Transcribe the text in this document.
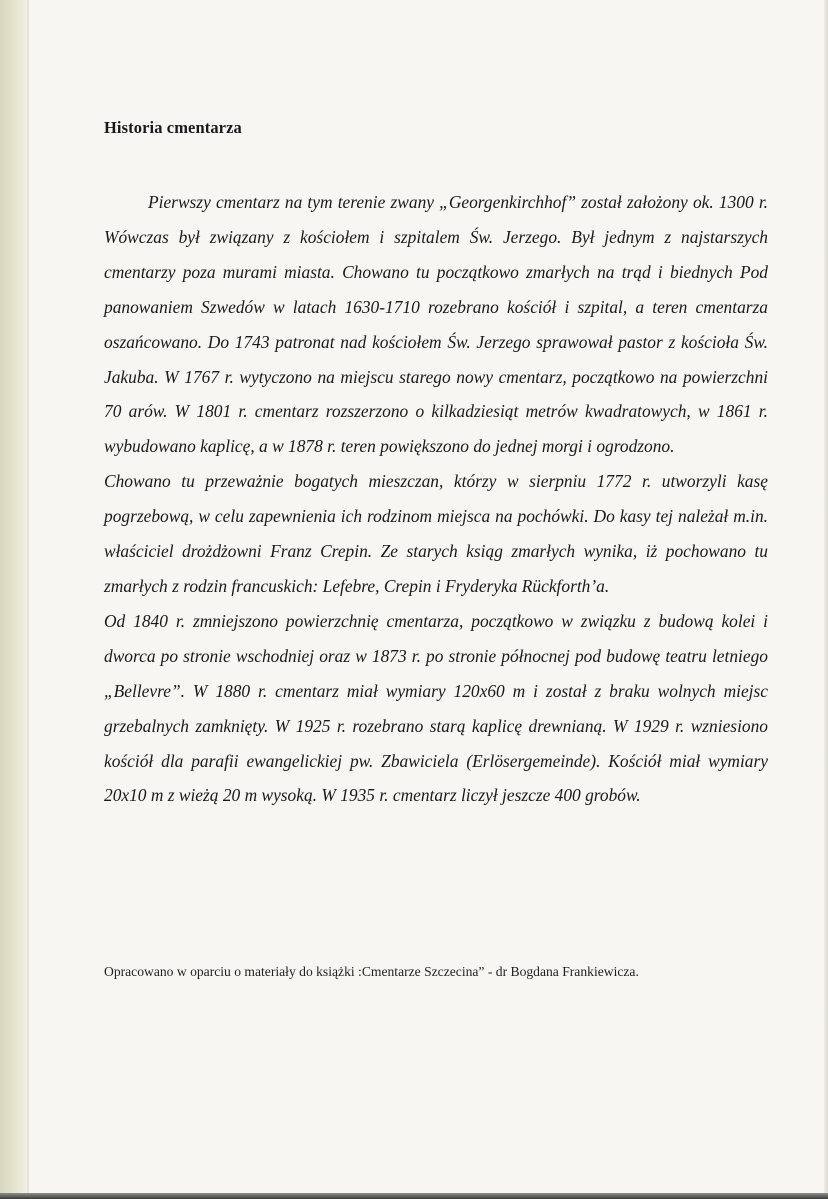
Historia cmentarza

Pierwszy cmentarz na tym terenie zwany „Georgenkirchhof” został założony ok. 1300 r. Wówczas był związany z kościołem i szpitalem Św. Jerzego. Był jednym z najstarszych cmentarzy poza murami miasta. Chowano tu początkowo zmarłych na trąd i biednych Pod panowaniem Szwedów w latach 1630-1710 rozebrano kościół i szpital, a teren cmentarza oszańcowano. Do 1743 patronat nad kościołem Św. Jerzego sprawował pastor z kościoła Św. Jakuba. W 1767 r. wytyczono na miejscu starego nowy cmentarz, początkowo na powierzchni 70 arów. W 1801 r. cmentarz rozszerzono o kilkadziesiąt metrów kwadratowych, w 1861 r. wybudowano kaplicę, a w 1878 r. teren powiększono do jednej morgi i ogrodzono.

Chowano tu przeważnie bogatych mieszczan, którzy w sierpniu 1772 r. utworzyli kasę pogrzebową, w celu zapewnienia ich rodzinom miejsca na pochówki. Do kasy tej należał m.in. właściciel drożdżowni Franz Crepin. Ze starych ksiąg zmarłych wynika, iż pochowano tu zmarłych z rodzin francuskich: Lefebre, Crepin i Fryderyka Rückforth’a.

Od 1840 r. zmniejszono powierzchnię cmentarza, początkowo w związku z budową kolei i dworca po stronie wschodniej oraz w 1873 r. po stronie północnej pod budowę teatru letniego „Bellevre”. W 1880 r. cmentarz miał wymiary 120x60 m i został z braku wolnych miejsc grzebalnych zamknięty. W 1925 r. rozebrano starą kaplicę drewnianą. W 1929 r. wzniesiono kościół dla parafii ewangelickiej pw. Zbawiciela (Erlösergemeinde). Kościół miał wymiary 20x10 m z wieżą 20 m wysoką. W 1935 r. cmentarz liczył jeszcze 400 grobów.

Opracowano w oparciu o materiały do książki :Cmentarze Szczecina” - dr Bogdana Frankiewicza.
